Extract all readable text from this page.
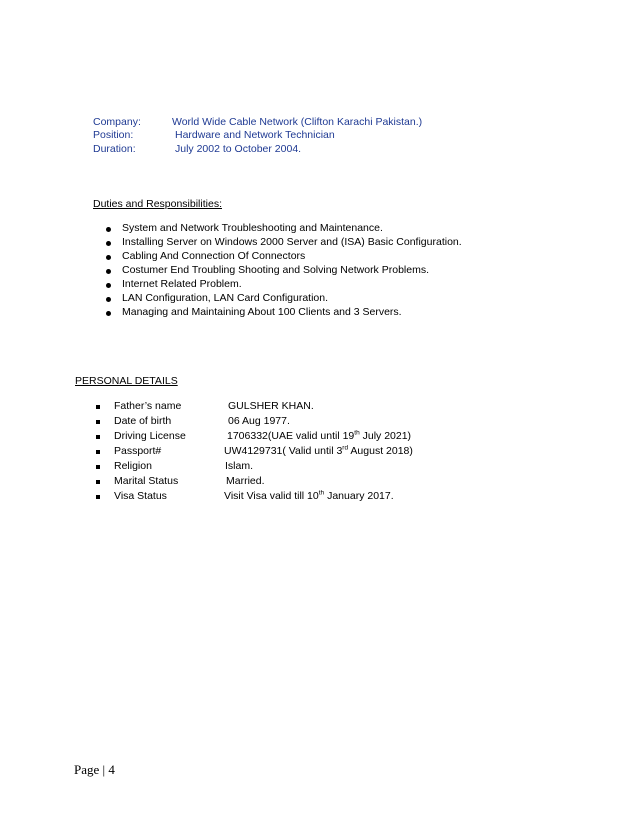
Company:	World Wide Cable Network (Clifton Karachi Pakistan.)
Position:	Hardware and Network Technician
Duration:	July 2002 to October 2004.
Duties and Responsibilities:
System and Network Troubleshooting and Maintenance.
Installing Server on Windows 2000 Server and (ISA) Basic Configuration.
Cabling And Connection Of Connectors
Costumer End Troubling Shooting and Solving Network Problems.
Internet Related Problem.
LAN Configuration, LAN Card Configuration.
Managing and Maintaining About 100 Clients and 3 Servers.
PERSONAL DETAILS
Father’s name	GULSHER KHAN.
Date of birth	06 Aug 1977.
Driving License	1706332(UAE valid until 19th July 2021)
Passport#	UW4129731( Valid until 3rd August 2018)
Religion	Islam.
Marital Status	Married.
Visa Status	Visit Visa valid till 10th January 2017.
Page | 4
